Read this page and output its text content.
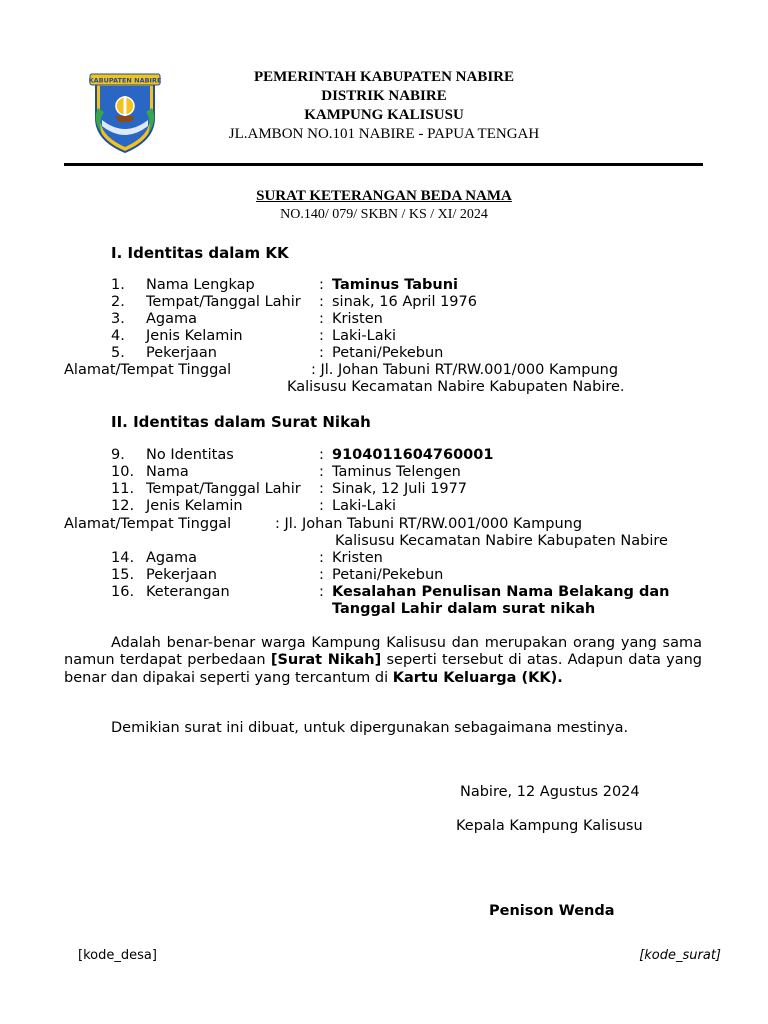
KABUPATEN NABIRE	PEMERINTAH KABUPATEN NABIRE
DISTRIK NABIRE
KAMPUNG KALISUSU
JL.AMBON NO.101 NABIRE - PAPUA TENGAH
SURAT KETERANGAN BEDA NAMA
NO.140/ 079/ SKBN / KS / XI/ 2024
I. Identitas dalam KK
1. Nama Lengkap	: Taminus Tabuni
2. Tempat/Tanggal Lahir : sinak, 16 April 1976
3. Agama	: Kristen
4. Jenis Kelamin	: Laki-Laki
5. Pekerjaan	: Petani/Pekebun
Alamat/Tempat Tinggal	: Jl. Johan Tabuni RT/RW.001/000 Kampung
Kalisusu Kecamatan Nabire Kabupaten Nabire.
II. Identitas dalam Surat Nikah
9. No Identitas	: 9104011604760001
10. Nama	: Taminus Telengen
11. Tempat/Tanggal Lahir : Sinak, 12 Juli 1977
12. Jenis Kelamin	: Laki-Laki
Alamat/Tempat Tinggal	: Jl. Johan Tabuni RT/RW.001/000 Kampung
Kalisusu Kecamatan Nabire Kabupaten Nabire
14. Agama	: Kristen
15. Pekerjaan	: Petani/Pekebun
16. Keterangan	: Kesalahan Penulisan Nama Belakang dan
Tanggal Lahir dalam surat nikah
Adalah benar-benar warga Kampung Kalisusu dan merupakan orang yang sama namun terdapat perbedaan [Surat Nikah] seperti tersebut di atas. Adapun data yang benar dan dipakai seperti yang tercantum di Kartu Keluarga (KK).
Demikian surat ini dibuat, untuk dipergunakan sebagaimana mestinya.
Nabire, 12 Agustus 2024
Kepala Kampung Kalisusu
Penison Wenda
[kode_desa]	[kode_surat]
